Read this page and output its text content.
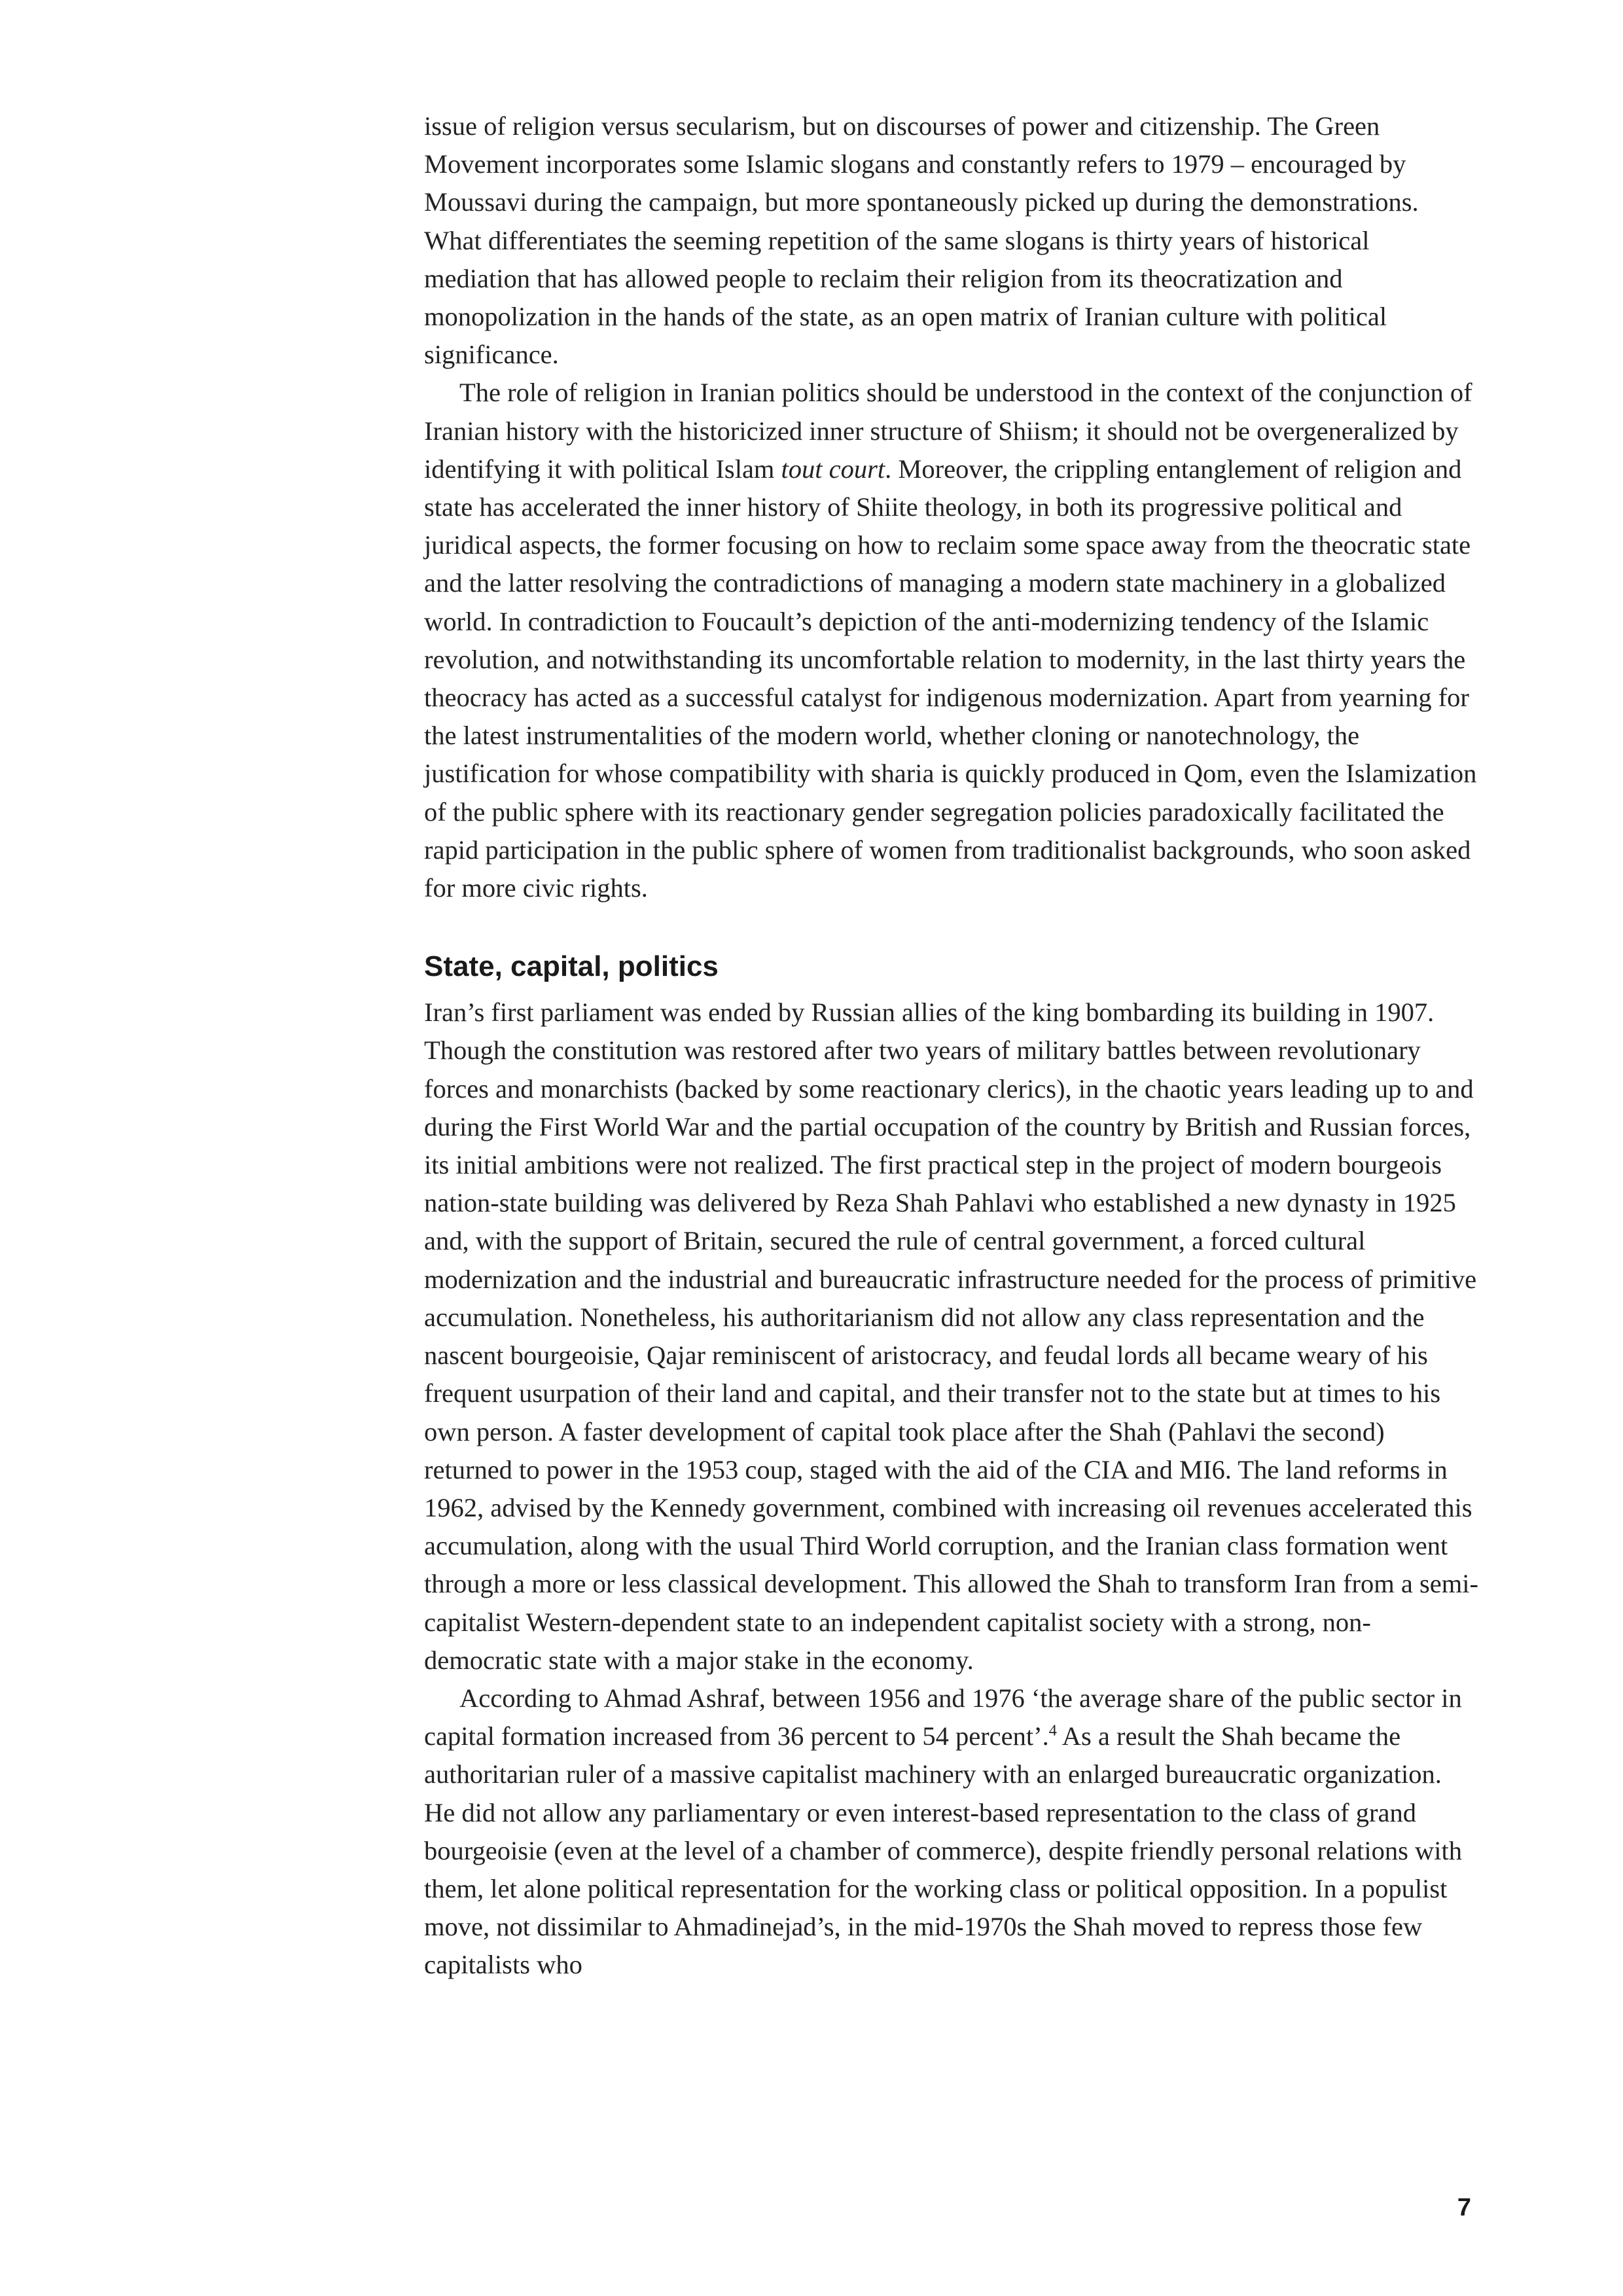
issue of religion versus secularism, but on discourses of power and citizenship. The Green Movement incorporates some Islamic slogans and constantly refers to 1979 – encouraged by Moussavi during the campaign, but more spontaneously picked up during the demonstrations. What differentiates the seeming repetition of the same slogans is thirty years of historical mediation that has allowed people to reclaim their religion from its theocratization and monopolization in the hands of the state, as an open matrix of Iranian culture with political significance.

The role of religion in Iranian politics should be understood in the context of the conjunction of Iranian history with the historicized inner structure of Shiism; it should not be overgeneralized by identifying it with political Islam tout court. Moreover, the crippling entanglement of religion and state has accelerated the inner history of Shiite theology, in both its progressive political and juridical aspects, the former focusing on how to reclaim some space away from the theocratic state and the latter resolving the contradictions of managing a modern state machinery in a globalized world. In contradiction to Foucault’s depiction of the anti-modernizing tendency of the Islamic revolution, and notwithstanding its uncomfortable relation to modernity, in the last thirty years the theocracy has acted as a successful catalyst for indigenous modernization. Apart from yearning for the latest instrumentalities of the modern world, whether cloning or nanotechnology, the justification for whose compatibility with sharia is quickly produced in Qom, even the Islamization of the public sphere with its reactionary gender segregation policies paradoxically facilitated the rapid participation in the public sphere of women from traditionalist backgrounds, who soon asked for more civic rights.

State, capital, politics

Iran’s first parliament was ended by Russian allies of the king bombarding its building in 1907. Though the constitution was restored after two years of military battles between revolutionary forces and monarchists (backed by some reactionary clerics), in the chaotic years leading up to and during the First World War and the partial occupation of the country by British and Russian forces, its initial ambitions were not realized. The first practical step in the project of modern bourgeois nation-state building was delivered by Reza Shah Pahlavi who established a new dynasty in 1925 and, with the support of Britain, secured the rule of central government, a forced cultural modernization and the industrial and bureaucratic infrastructure needed for the process of primitive accumulation. Nonetheless, his authoritarianism did not allow any class representation and the nascent bourgeoisie, Qajar reminiscent of aristocracy, and feudal lords all became weary of his frequent usurpation of their land and capital, and their transfer not to the state but at times to his own person. A faster development of capital took place after the Shah (Pahlavi the second) returned to power in the 1953 coup, staged with the aid of the CIA and MI6. The land reforms in 1962, advised by the Kennedy government, combined with increasing oil revenues accelerated this accumulation, along with the usual Third World corruption, and the Iranian class formation went through a more or less classical development. This allowed the Shah to transform Iran from a semi-capitalist Western-dependent state to an independent capitalist society with a strong, non-democratic state with a major stake in the economy.

According to Ahmad Ashraf, between 1956 and 1976 ‘the average share of the public sector in capital formation increased from 36 percent to 54 percent’.$^4$ As a result the Shah became the authoritarian ruler of a massive capitalist machinery with an enlarged bureaucratic organization. He did not allow any parliamentary or even interest-based representation to the class of grand bourgeoisie (even at the level of a chamber of commerce), despite friendly personal relations with them, let alone political representation for the working class or political opposition. In a populist move, not dissimilar to Ahmadinejad’s, in the mid-1970s the Shah moved to repress those few capitalists who

7
